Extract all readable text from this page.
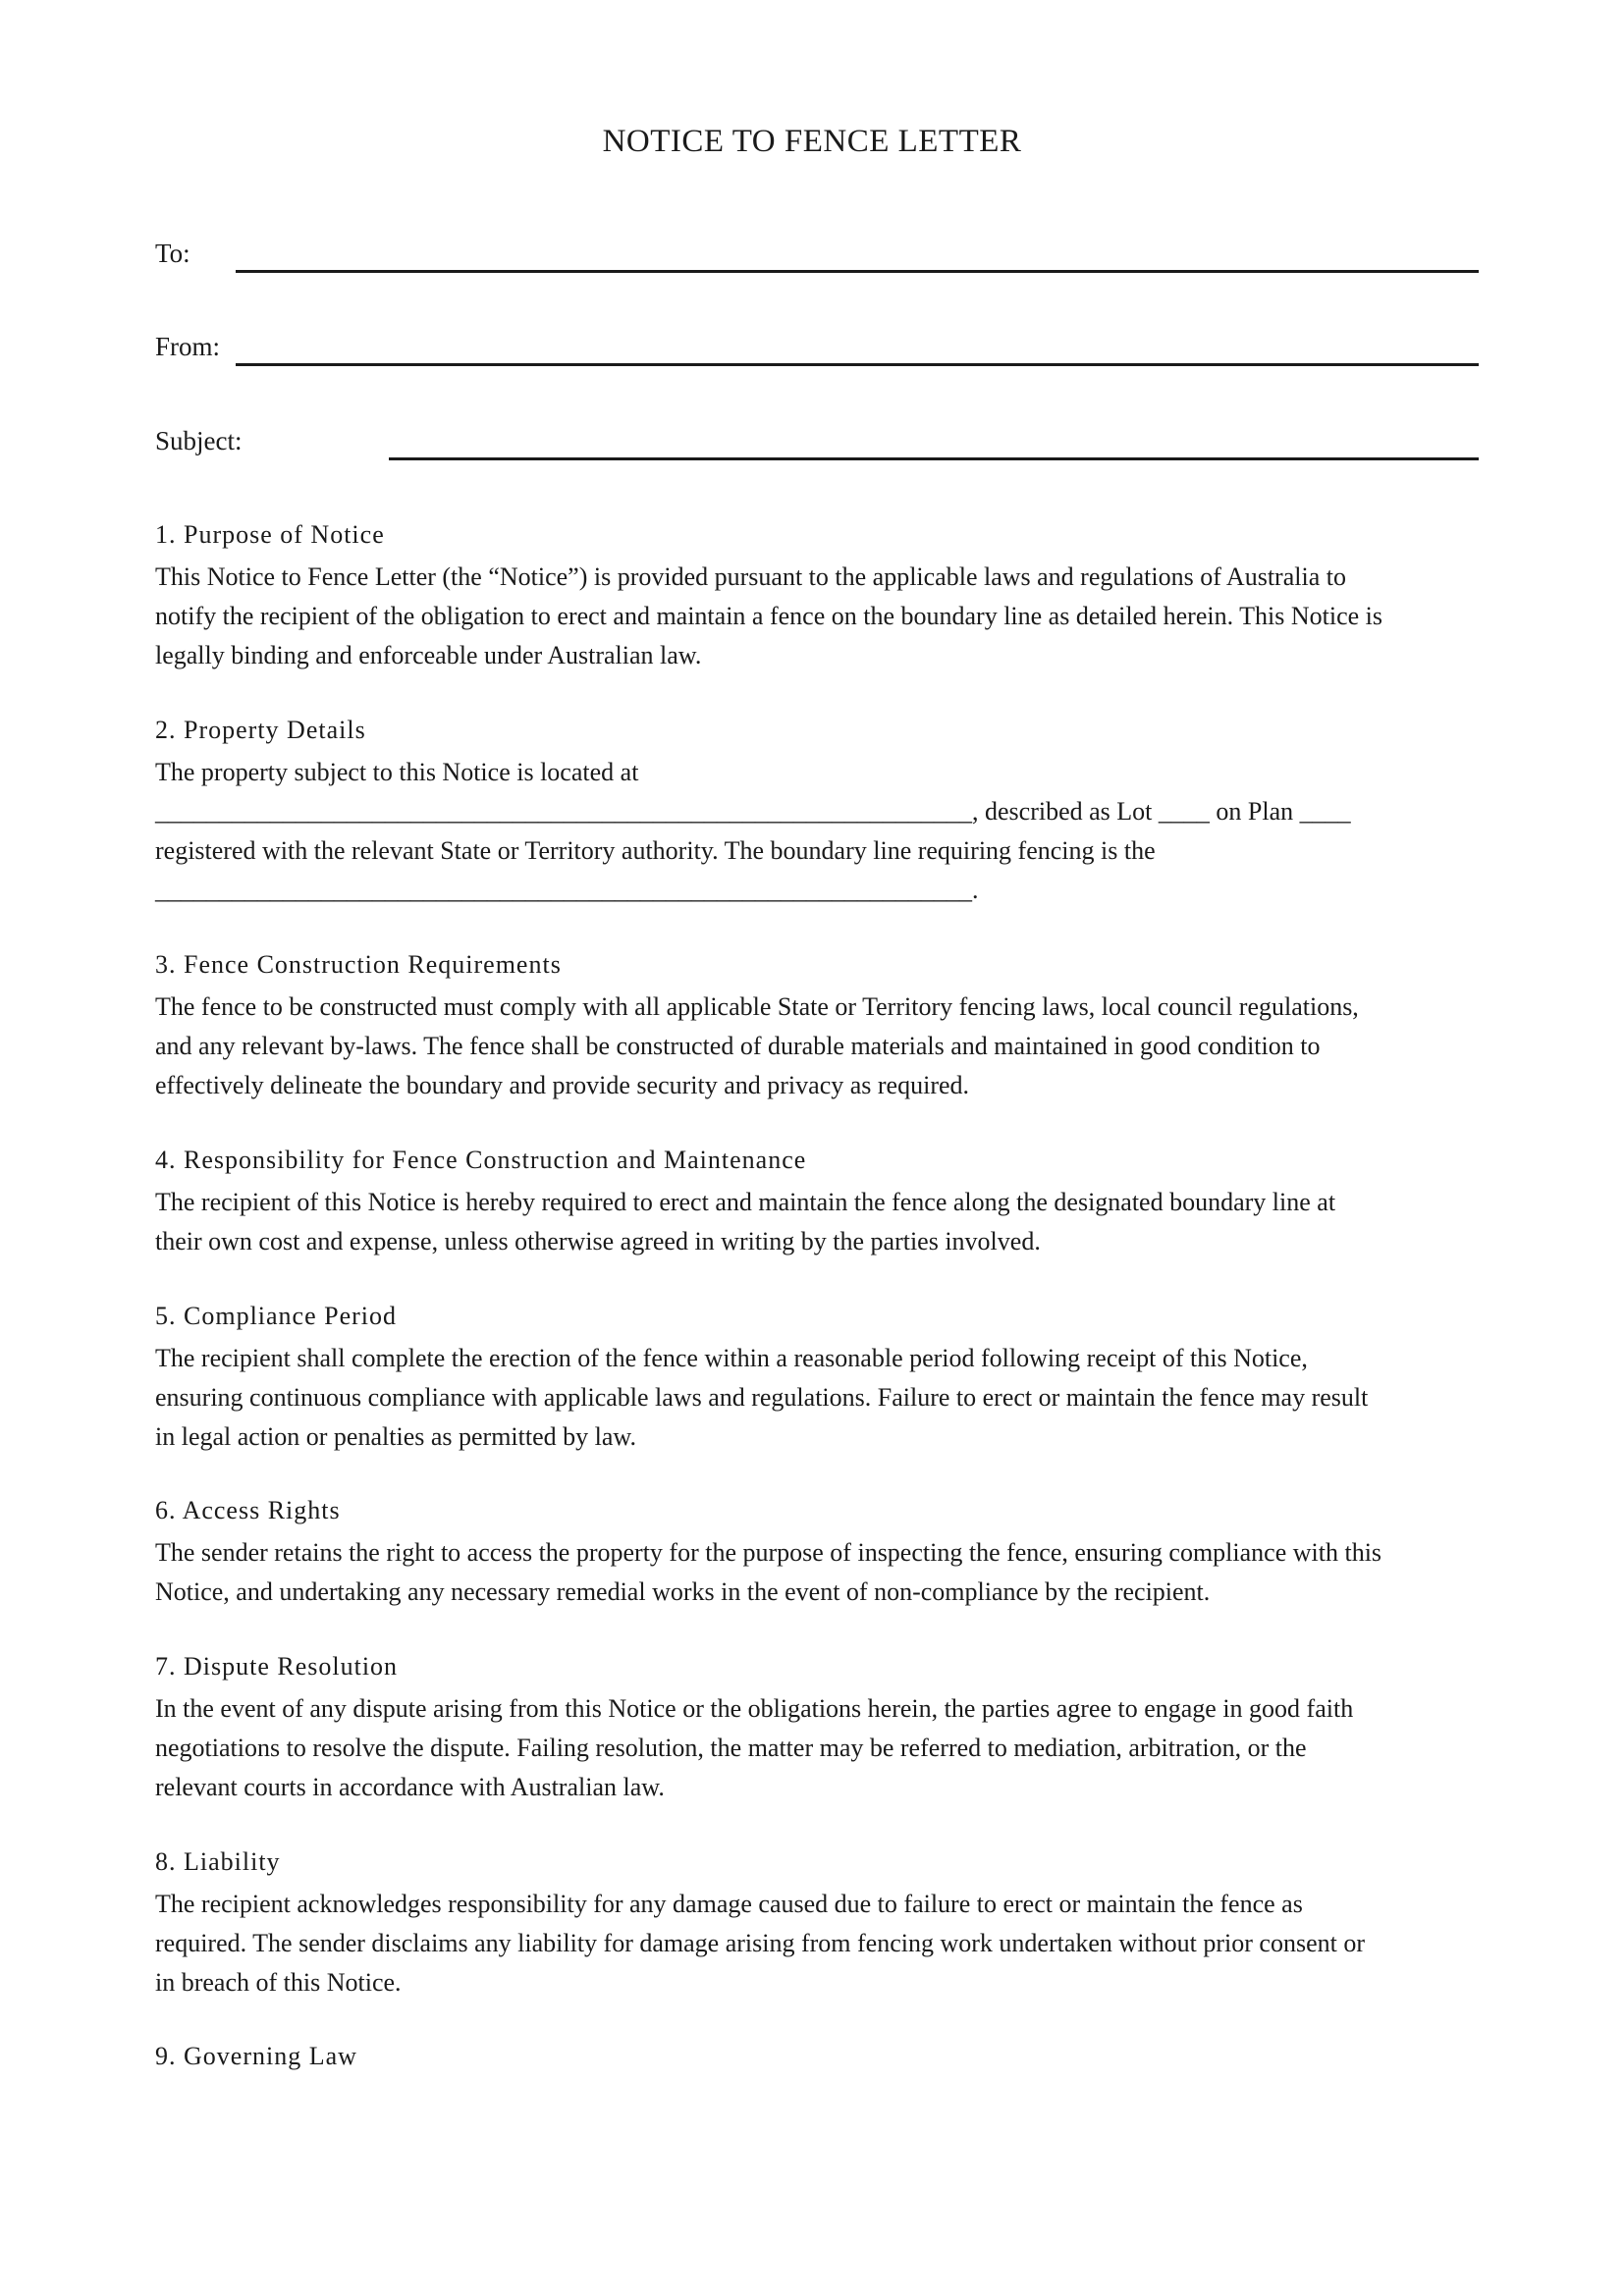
NOTICE TO FENCE LETTER
To:
From:
Subject:
1. Purpose of Notice

This Notice to Fence Letter (the “Notice”) is provided pursuant to the applicable laws and regulations of Australia to
notify the recipient of the obligation to erect and maintain a fence on the boundary line as detailed herein. This Notice is
legally binding and enforceable under Australian law.

2. Property Details

The property subject to this Notice is located at
________________________________________________________________, described as Lot ____ on Plan ____
registered with the relevant State or Territory authority. The boundary line requiring fencing is the
________________________________________________________________.

3. Fence Construction Requirements

The fence to be constructed must comply with all applicable State or Territory fencing laws, local council regulations,
and any relevant by-laws. The fence shall be constructed of durable materials and maintained in good condition to
effectively delineate the boundary and provide security and privacy as required.

4. Responsibility for Fence Construction and Maintenance

The recipient of this Notice is hereby required to erect and maintain the fence along the designated boundary line at
their own cost and expense, unless otherwise agreed in writing by the parties involved.

5. Compliance Period

The recipient shall complete the erection of the fence within a reasonable period following receipt of this Notice,
ensuring continuous compliance with applicable laws and regulations. Failure to erect or maintain the fence may result
in legal action or penalties as permitted by law.

6. Access Rights

The sender retains the right to access the property for the purpose of inspecting the fence, ensuring compliance with this
Notice, and undertaking any necessary remedial works in the event of non-compliance by the recipient.

7. Dispute Resolution

In the event of any dispute arising from this Notice or the obligations herein, the parties agree to engage in good faith
negotiations to resolve the dispute. Failing resolution, the matter may be referred to mediation, arbitration, or the
relevant courts in accordance with Australian law.

8. Liability

The recipient acknowledges responsibility for any damage caused due to failure to erect or maintain the fence as
required. The sender disclaims any liability for damage arising from fencing work undertaken without prior consent or
in breach of this Notice.

9. Governing Law
